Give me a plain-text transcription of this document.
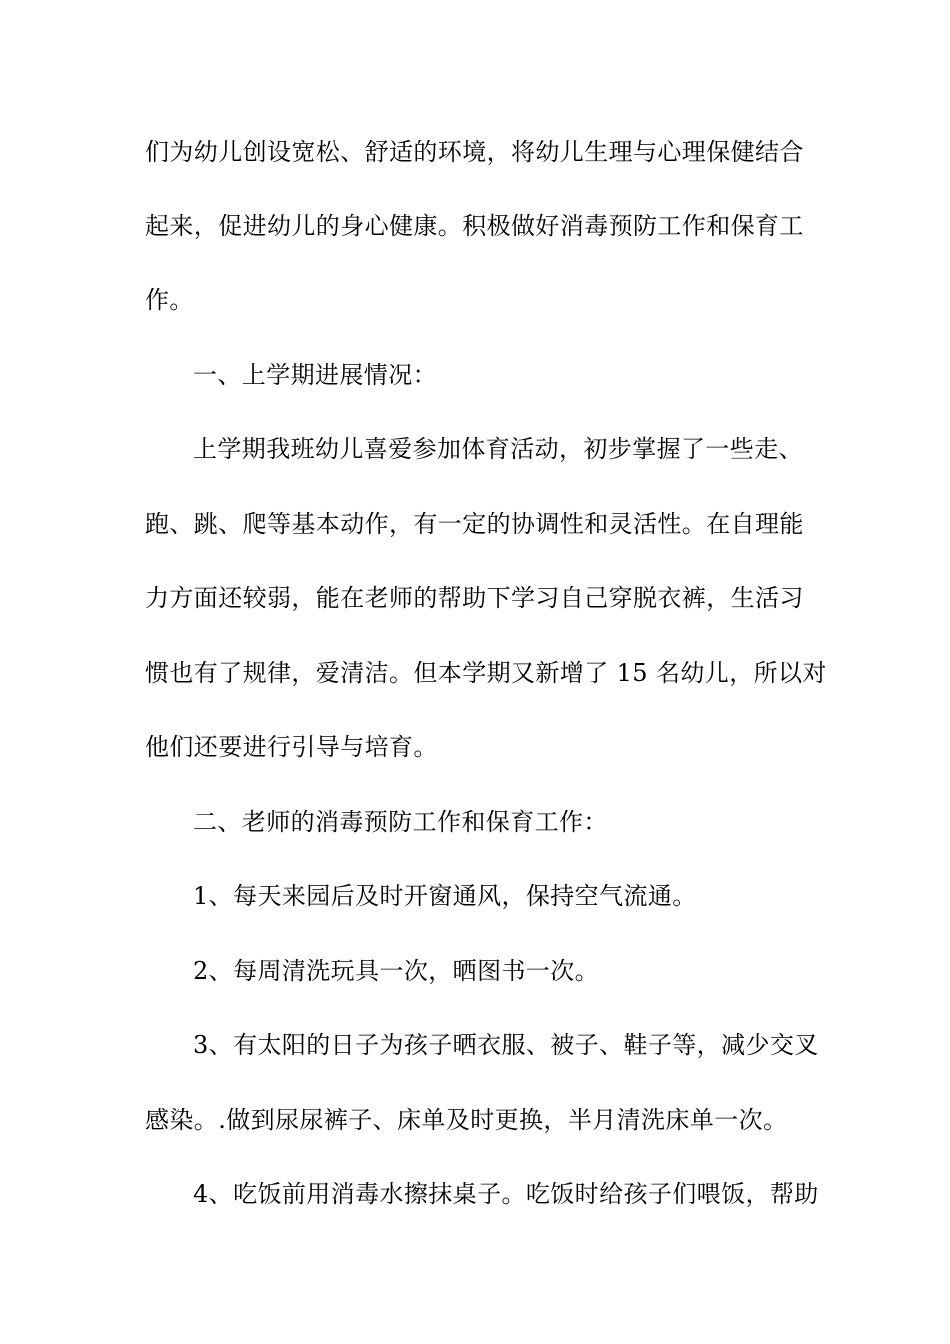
们为幼儿创设宽松、舒适的环境，将幼儿生理与心理保健结合
起来，促进幼儿的身心健康。积极做好消毒预防工作和保育工
作。
一、上学期进展情况：
上学期我班幼儿喜爱参加体育活动，初步掌握了一些走、
跑、跳、爬等基本动作，有一定的协调性和灵活性。在自理能
力方面还较弱，能在老师的帮助下学习自己穿脱衣裤，生活习
惯也有了规律，爱清洁。但本学期又新增了 15 名幼儿，所以对
他们还要进行引导与培育。
二、老师的消毒预防工作和保育工作：
1、每天来园后及时开窗通风，保持空气流通。
2、每周清洗玩具一次，晒图书一次。
3、有太阳的日子为孩子晒衣服、被子、鞋子等，减少交叉
感染。.做到尿尿裤子、床单及时更换，半月清洗床单一次。
4、吃饭前用消毒水擦抹桌子。吃饭时给孩子们喂饭，帮助
